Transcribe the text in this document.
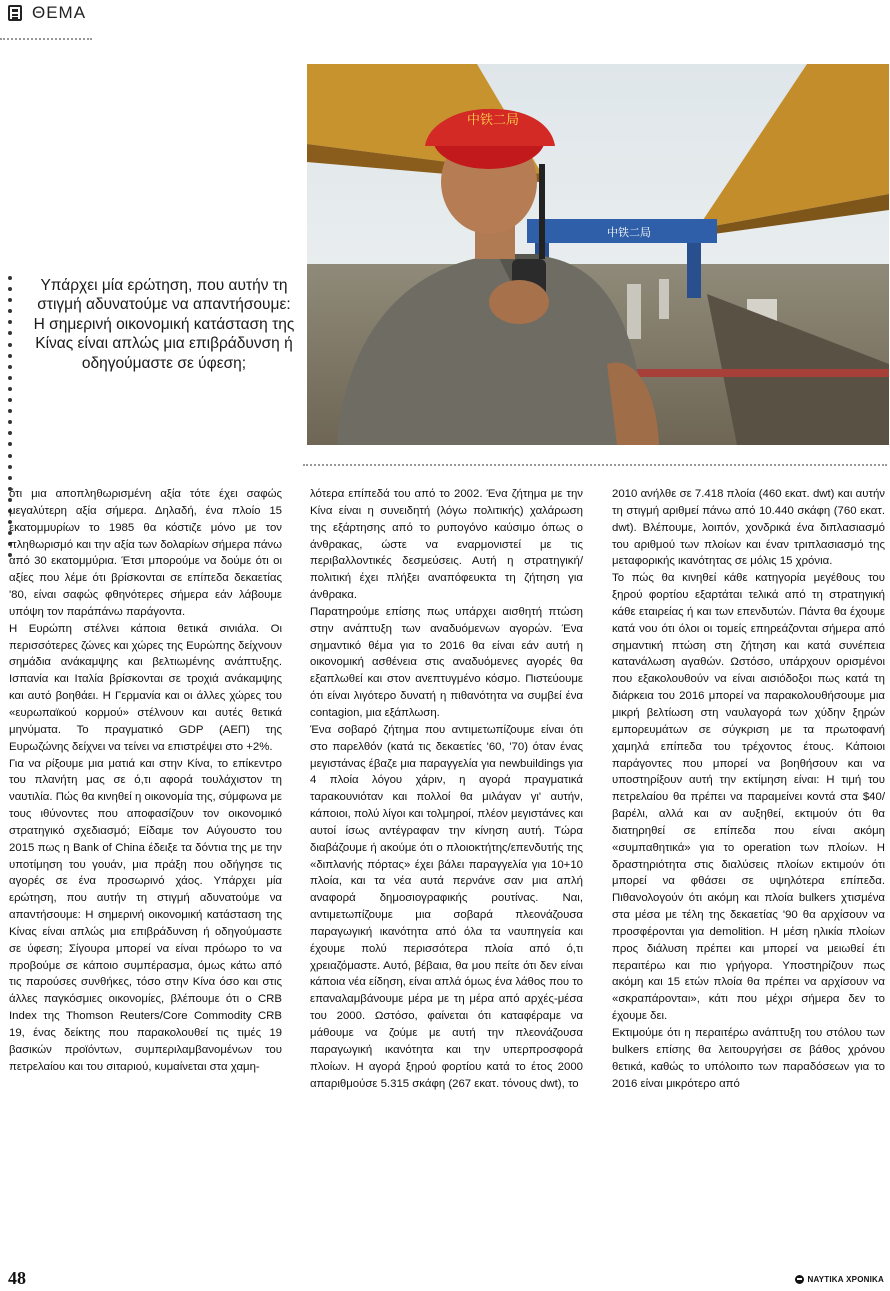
ΘΕΜΑ
Υπάρχει μία ερώτηση, που αυτήν τη στιγμή αδυνατούμε να απαντήσουμε: Η σημερινή οικονομική κατάσταση της Κίνας είναι απλώς μια επιβράδυνση ή οδηγούμαστε σε ύφεση;
中铁二局
中铁二局

ότι μια απoπληθωρισμένη αξία τότε έχει σαφώς μεγαλύτερη αξία σήμερα. Δηλαδή, ένα πλοίο 15 εκατομμυρίων το 1985 θα κόστιζε μόνο με τον πληθωρισμό και την αξία των δολαρίων σήμερα πάνω από 30 εκατομμύρια. Έτσι μπορούμε να δούμε ότι οι αξίες που λέμε ότι βρίσκονται σε επίπεδα δεκαετίας '80, είναι σαφώς φθηνότερες σήμερα εάν λάβουμε υπόψη τον παράπάνω παράγοντα.

Η Ευρώπη στέλνει κάποια θετικά σινιάλα. Οι περισσότερες ζώνες και χώρες της Ευρώπης δείχνουν σημάδια ανάκαμψης και βελτιωμένης ανάπτυξης. Ισπανία και Ιταλία βρίσκονται σε τροχιά ανάκαμψης και αυτό βοηθάει. Η Γερμανία και οι άλλες χώρες του «ευρωπαϊκού κορμού» στέλνουν και αυτές θετικά μηνύματα. Το πραγματικό GDP (ΑΕΠ) της Ευρωζώνης δείχνει να τείνει να επιστρέψει στο +2%.

Για να ρίξουμε μια ματιά και στην Κίνα, το επίκεντρο του πλανήτη μας σε ό,τι αφορά τουλάχιστον τη ναυτιλία. Πώς θα κινηθεί η οικονομία της, σύμφωνα με τους ιθύνοντες που αποφασίζουν τον οικονομικό στρατηγικό σχεδιασμό; Είδαμε τον Αύγουστο του 2015 πως η Bank of China έδειξε τα δόντια της με την υποτίμηση του γουάν, μια πράξη που οδήγησε τις αγορές σε ένα προσωρινό χάος. Υπάρχει μία ερώτηση, που αυτήν τη στιγμή αδυνατούμε να απαντήσουμε: Η σημερινή οικονομική κατάσταση της Κίνας είναι απλώς μια επιβράδυνση ή οδηγούμαστε σε ύφεση; Σίγουρα μπορεί να είναι πρόωρο το να προβούμε σε κάποιο συμπέρασμα, όμως κάτω από τις παρούσες συνθήκες, τόσο στην Κίνα όσο και στις άλλες παγκόσμιες οικονομίες, βλέπουμε ότι ο CRB Index της Thomson Reuters/Core Commodity CRB 19, ένας δείκτης που παρακολουθεί τις τιμές 19 βασικών προϊόντων, συμπεριλαμβανομένων του πετρελαίου και του σιταριού, κυμαίνεται στα χαμη-

λότερα επίπεδά του από το 2002. Ένα ζήτημα με την Κίνα είναι η συνειδητή (λόγω πολιτικής) χαλάρωση της εξάρτησης από το ρυπογόνο καύσιμο όπως ο άνθρακας, ώστε να εναρμονιστεί με τις περιβαλλοντικές δεσμεύσεις. Αυτή η στρατηγική/πολιτική έχει πλήξει αναπόφευκτα τη ζήτηση για άνθρακα.

Παρατηρούμε επίσης πως υπάρχει αισθητή πτώση στην ανάπτυξη των αναδυόμενων αγορών. Ένα σημαντικό θέμα για το 2016 θα είναι εάν αυτή η οικονομική ασθένεια στις αναδυόμενες αγορές θα εξαπλωθεί και στον ανεπτυγμένο κόσμο. Πιστεύουμε ότι είναι λιγότερο δυνατή η πιθανότητα να συμβεί ένα contagion, μια εξάπλωση.

Ένα σοβαρό ζήτημα που αντιμετωπίζουμε είναι ότι στο παρελθόν (κατά τις δεκαετίες '60, '70) όταν ένας μεγιστάνας έβαζε μια παραγγελία για newbuildings για 4 πλοία λόγου χάριν, η αγορά πραγματικά ταρακουνιόταν και πολλοί θα μιλάγαν γι' αυτήν, κάποιοι, πολύ λίγοι και τολμηροί, πλέον μεγιστάνες και αυτοί ίσως αντέγραφαν την κίνηση αυτή. Τώρα διαβάζουμε ή ακούμε ότι ο πλοιοκτήτης/επενδυτής της «διπλανής πόρτας» έχει βάλει παραγγελία για 10+10 πλοία, και τα νέα αυτά περνάνε σαν μια απλή αναφορά δημοσιογραφικής ρουτίνας. Ναι, αντιμετωπίζουμε μια σοβαρά πλεονάζουσα παραγωγική ικανότητα από όλα τα ναυπηγεία και έχουμε πολύ περισσότερα πλοία από ό,τι χρειαζόμαστε. Αυτό, βέβαια, θα μου πείτε ότι δεν είναι κάποια νέα είδηση, είναι απλά όμως ένα λάθος που το επαναλαμβάνουμε μέρα με τη μέρα από αρχές-μέσα του 2000. Ωστόσο, φαίνεται ότι καταφέραμε να μάθουμε να ζούμε με αυτή την πλεονάζουσα παραγωγική ικανότητα και την υπερπροσφορά πλοίων. Η αγορά ξηρού φορτίου κατά το έτος 2000 απαριθμούσε 5.315 σκάφη (267 εκατ. τόνους dwt), το

2010 ανήλθε σε 7.418 πλοία (460 εκατ. dwt) και αυτήν τη στιγμή αριθμεί πάνω από 10.440 σκάφη (760 εκατ. dwt). Βλέπουμε, λοιπόν, χονδρικά ένα διπλασιασμό του αριθμού των πλοίων και έναν τριπλασιασμό της μεταφορικής ικανότητας σε μόλις 15 χρόνια.

Το πώς θα κινηθεί κάθε κατηγορία μεγέθους του ξηρού φορτίου εξαρτάται τελικά από τη στρατηγική κάθε εταιρείας ή και των επενδυτών. Πάντα θα έχουμε κατά νου ότι όλοι οι τομείς επηρεάζονται σήμερα από σημαντική πτώση στη ζήτηση και κατά συνέπεια κατανάλωση αγαθών. Ωστόσο, υπάρχουν ορισμένοι που εξακολουθούν να είναι αισιόδοξοι πως κατά τη διάρκεια του 2016 μπορεί να παρακολουθήσουμε μια μικρή βελτίωση στη ναυλαγορά των χύδην ξηρών εμπορευμάτων σε σύγκριση με τα πρωτοφανή χαμηλά επίπεδα του τρέχοντος έτους. Κάποιοι παράγοντες που μπορεί να βοηθήσουν και να υποστηρίξουν αυτή την εκτίμηση είναι: Η τιμή του πετρελαίου θα πρέπει να παραμείνει κοντά στα $40/βαρέλι, αλλά και αν αυξηθεί, εκτιμούν ότι θα διατηρηθεί σε επίπεδα που είναι ακόμη «συμπαθητικά» για το operation των πλοίων. Η δραστηριότητα στις διαλύσεις πλοίων εκτιμούν ότι μπορεί να φθάσει σε υψηλότερα επίπεδα. Πιθανολογούν ότι ακόμη και πλοία bulkers χτισμένα στα μέσα με τέλη της δεκαετίας '90 θα αρχίσουν να προσφέρονται για demolition. Η μέση ηλικία πλοίων προς διάλυση πρέπει και μπορεί να μειωθεί έτι περαιτέρω και πιο γρήγορα. Υποστηρίζουν πως ακόμη και 15 ετών πλοία θα πρέπει να αρχίσουν να «σκραπάρονται», κάτι που μέχρι σήμερα δεν το έχουμε δει.

Εκτιμούμε ότι η περαιτέρω ανάπτυξη του στόλου των bulkers επίσης θα λειτουργήσει σε βάθος χρόνου θετικά, καθώς το υπόλοιπο των παραδόσεων για το 2016 είναι μικρότερο από

48	ΝΑΥΤΙΚΑ ΧΡΟΝΙΚΑ
